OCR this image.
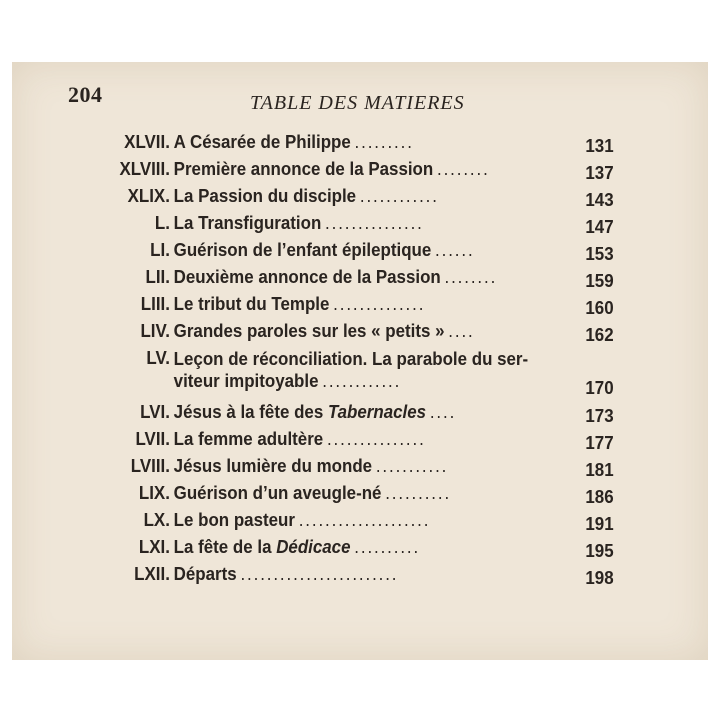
204	TABLE DES MATIERES
XLVII. A Césarée de Philippe .........	131
XLVIII. Première annonce de la Passion ........	137
XLIX. La Passion du disciple ............	143
L. La Transfiguration ...............	147
LI. Guérison de l’enfant épileptique ......	153
LII. Deuxième annonce de la Passion ........	159
LIII. Le tribut du Temple ..............	160
LIV. Grandes paroles sur les « petits » ....	162
LV. Leçon de réconciliation. La parabole du ser-
viteur impitoyable ............	170
LVI. Jésus à la fête des Tabernacles ....	173
LVII. La femme adultère ...............	177
LVIII. Jésus lumière du monde ...........	181
LIX. Guérison d’un aveugle-né ..........	186
LX. Le bon pasteur ....................	191
LXI. La fête de la Dédicace ..........	195
LXII. Départs ........................	198
